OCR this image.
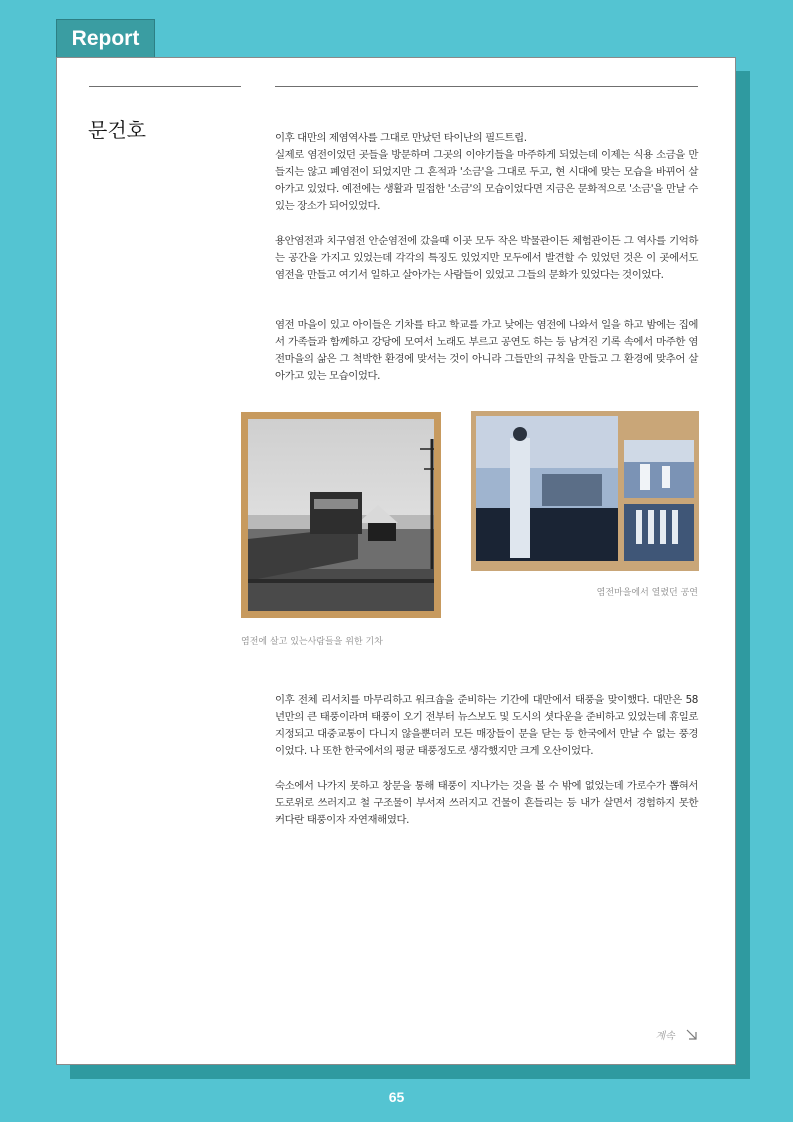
Report
문건호	이후 대만의 제염역사를 그대로 만났던 타이난의 필드트립.
실제로 염전이었던 곳들을 방문하며 그곳의 이야기들을 마주하게 되었는데 이제는 식용 소금을 만들지는 않고 폐염전이 되었지만 그 흔적과 '소금'을 그대로 두고, 현 시대에 맞는 모습을 바뀌어 살아가고 있었다. 예전에는 생활과 밀접한 '소금'의 모습이었다면 지금은 문화적으로 '소금'을 만날 수 있는 장소가 되어있었다.

용안염전과 치구염전 안순염전에 갔을때 이곳 모두 작은 박물관이든 체험관이든 그 역사를 기억하는 공간을 가지고 있었는데 각각의 특징도 있었지만 모두에서 발견할 수 있었던 것은 이 곳에서도 염전을 만들고 여기서 일하고 살아가는 사람들이 있었고 그들의 문화가 있었다는 것이었다.

염전 마을이 있고 아이들은 기차를 타고 학교를 가고 낮에는 염전에 나와서 일을 하고 밤에는 집에서 가족들과 함께하고 강당에 모여서 노래도 부르고 공연도 하는 등 남겨진 기록 속에서 마주한 염전마을의 삶은 그 척박한 환경에 맞서는 것이 아니라 그들만의 규칙을 만들고 그 환경에 맞추어 살아가고 있는 모습이었다.

염전에 살고 있는사람들을 위한 기차
염전마을에서 열렸던 공연

이후 전체 리서치를 마무리하고 워크숍을 준비하는 기간에 대만에서 태풍을 맞이했다. 대만은 58년만의 큰 태풍이라며 태풍이 오기 전부터 뉴스보도 및 도시의 셧다운을 준비하고 있었는데 휴일로 지정되고 대중교통이 다니지 않을뿐더러 모든 매장들이 문을 닫는 등 한국에서 만날 수 없는 풍경이었다. 나 또한 한국에서의 평균 태풍정도로 생각했지만 크게 오산이었다.

숙소에서 나가지 못하고 창문을 통해 태풍이 지나가는 것을 볼 수 밖에 없었는데 가로수가 뽑혀서 도로위로 쓰러지고 철 구조물이 부서져 쓰러지고 건물이 흔들리는 등 내가 살면서 경험하지 못한 커다란 태풍이자 자연재해였다.

계속
65
